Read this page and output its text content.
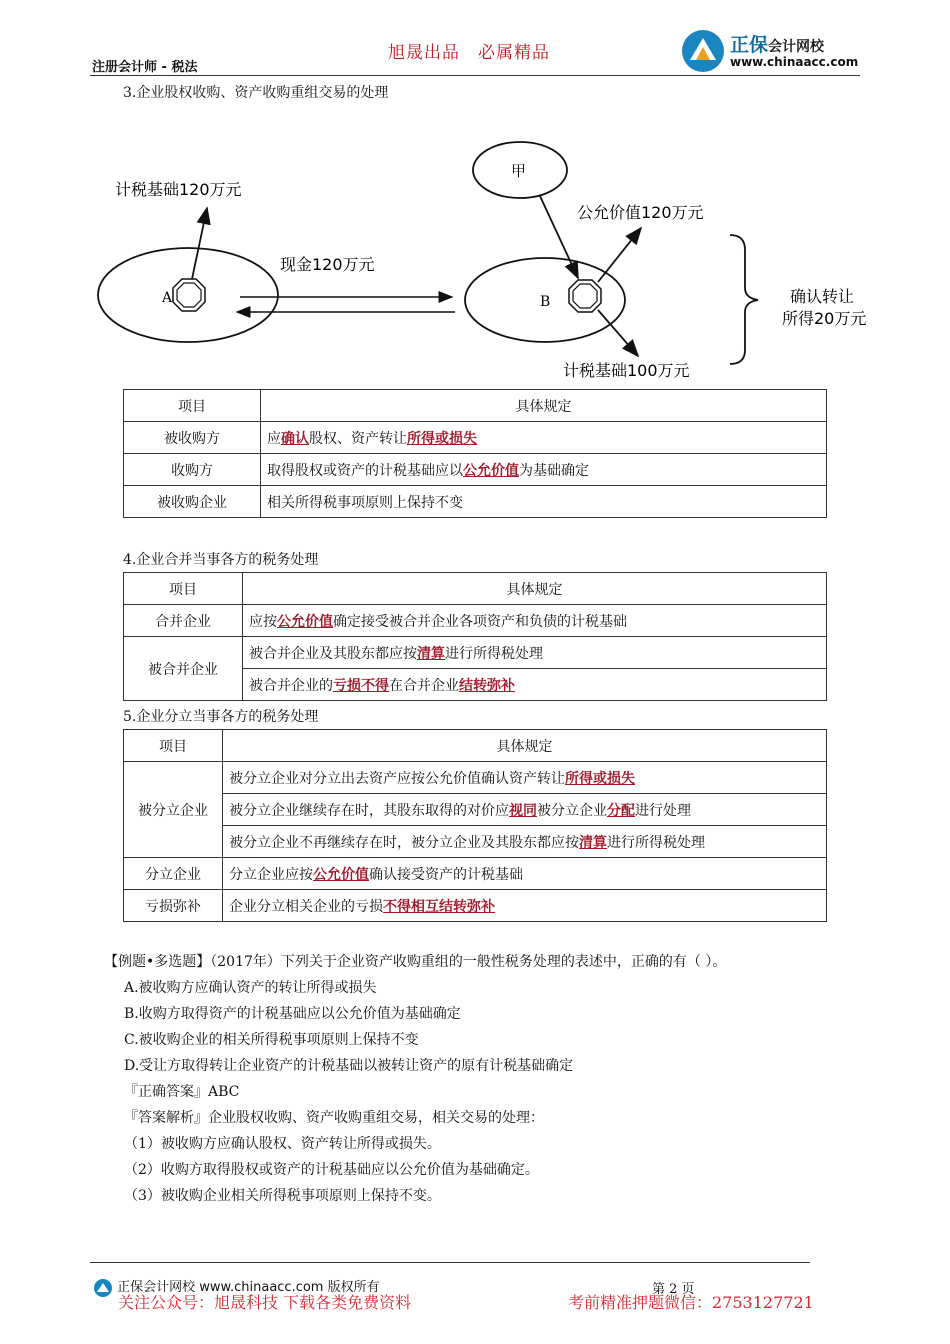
注册会计师 - 税法
旭晟出品　必属精品	正保会计网校
www.chinaacc.com
3.企业股权收购、资产收购重组交易的处理
A
计税基础120万元
现金120万元
B
甲
公允价值120万元
计税基础100万元
确认转让
所得20万元
项目	具体规定
被收购方	应确认股权、资产转让所得或损失
收购方	取得股权或资产的计税基础应以公允价值为基础确定
被收购企业	相关所得税事项原则上保持不变
4.企业合并当事各方的税务处理
项目	具体规定
合并企业	应按公允价值确定接受被合并企业各项资产和负债的计税基础
被合并企业	被合并企业及其股东都应按清算进行所得税处理
	被合并企业的亏损不得在合并企业结转弥补
5.企业分立当事各方的税务处理
项目	具体规定
被分立企业	被分立企业对分立出去资产应按公允价值确认资产转让所得或损失
	被分立企业继续存在时，其股东取得的对价应视同被分立企业分配进行处理
	被分立企业不再继续存在时，被分立企业及其股东都应按清算进行所得税处理
分立企业	分立企业应按公允价值确认接受资产的计税基础
亏损弥补	企业分立相关企业的亏损不得相互结转弥补
【例题•多选题】（2017年）下列关于企业资产收购重组的一般性税务处理的表述中，正确的有（ ）。
A.被收购方应确认资产的转让所得或损失
B.收购方取得资产的计税基础应以公允价值为基础确定
C.被收购企业的相关所得税事项原则上保持不变
D.受让方取得转让企业资产的计税基础以被转让资产的原有计税基础确定
『正确答案』ABC
『答案解析』企业股权收购、资产收购重组交易，相关交易的处理：
（1）被收购方应确认股权、资产转让所得或损失。
（2）收购方取得股权或资产的计税基础应以公允价值为基础确定。
（3）被收购企业相关所得税事项原则上保持不变。
正保会计网校 www.chinaacc.com 版权所有	第 2 页
关注公众号：旭晟科技 下载各类免费资料	考前精准押题微信：2753127721
